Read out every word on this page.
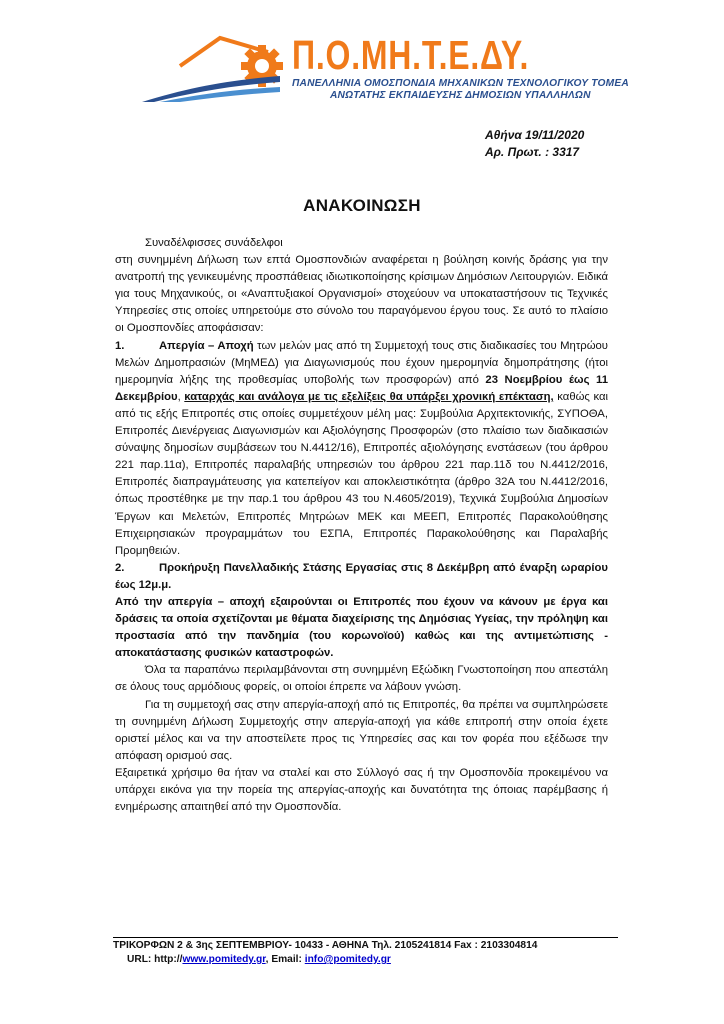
Π.Ο.ΜΗ.Τ.Ε.ΔΥ.
ΠΑΝΕΛΛΗΝΙΑ ΟΜΟΣΠΟΝΔΙΑ ΜΗΧΑΝΙΚΩΝ ΤΕΧΝΟΛΟΓΙΚΟΥ ΤΟΜΕΑ
ΑΝΩΤΑΤΗΣ ΕΚΠΑΙΔΕΥΣΗΣ ΔΗΜΟΣΙΩΝ ΥΠΑΛΛΗΛΩΝ
Αθήνα 19/11/2020
Αρ. Πρωτ. : 3317
ΑΝΑΚΟΙΝΩΣΗ

Συναδέλφισσες συνάδελφοι

στη συνημμένη Δήλωση των επτά Ομοσπονδιών αναφέρεται η βούληση κοινής δράσης για την ανατροπή της γενικευμένης προσπάθειας ιδιωτικοποίησης κρίσιμων Δημόσιων Λειτουργιών. Ειδικά για τους Μηχανικούς, οι «Αναπτυξιακοί Οργανισμοί» στοχεύουν να υποκαταστήσουν τις Τεχνικές Υπηρεσίες στις οποίες υπηρετούμε στο σύνολο του παραγόμενου έργου τους. Σε αυτό το πλαίσιο οι Ομοσπονδίες αποφάσισαν:

1.	Απεργία – Αποχή των μελών μας από τη Συμμετοχή τους στις διαδικασίες του Μητρώου Μελών Δημοπρασιών (ΜηΜΕΔ) για Διαγωνισμούς που έχουν ημερομηνία δημοπράτησης (ήτοι ημερομηνία λήξης της προθεσμίας υποβολής των προσφορών) από 23 Νοεμβρίου έως 11 Δεκεμβρίου, καταρχάς και ανάλογα με τις εξελίξεις θα υπάρξει χρονική επέκταση, καθώς και από τις εξής Επιτροπές στις οποίες συμμετέχουν μέλη μας: Συμβούλια Αρχιτεκτονικής, ΣΥΠΟΘΑ, Επιτροπές Διενέργειας Διαγωνισμών και Αξιολόγησης Προσφορών (στο πλαίσιο των διαδικασιών σύναψης δημοσίων συμβάσεων του Ν.4412/16), Επιτροπές αξιολόγησης ενστάσεων (του άρθρου 221 παρ.11α), Επιτροπές παραλαβής υπηρεσιών του άρθρου 221 παρ.11δ του Ν.4412/2016, Επιτροπές διαπραγμάτευσης για κατεπείγον και αποκλειστικότητα (άρθρο 32Α του Ν.4412/2016, όπως προστέθηκε με την παρ.1 του άρθρου 43 του Ν.4605/2019), Τεχνικά Συμβούλια Δημοσίων Έργων και Μελετών, Επιτροπές Μητρώων ΜΕΚ και ΜΕΕΠ, Επιτροπές Παρακολούθησης Επιχειρησιακών προγραμμάτων του ΕΣΠΑ, Επιτροπές Παρακολούθησης και Παραλαβής Προμηθειών.

2.	Προκήρυξη Πανελλαδικής Στάσης Εργασίας στις 8 Δεκέμβρη από έναρξη ωραρίου έως 12μ.μ.

Από την απεργία – αποχή εξαιρούνται οι Επιτροπές που έχουν να κάνουν με έργα και δράσεις τα οποία σχετίζονται με θέματα διαχείρισης της Δημόσιας Υγείας, την πρόληψη και προστασία από την πανδημία (του κορωνοϊού) καθώς και της αντιμετώπισης - αποκατάστασης φυσικών καταστροφών.

Όλα τα παραπάνω περιλαμβάνονται στη συνημμένη Εξώδικη Γνωστοποίηση που απεστάλη σε όλους τους αρμόδιους φορείς, οι οποίοι έπρεπε να λάβουν γνώση.

Για τη συμμετοχή σας στην απεργία-αποχή από τις Επιτροπές, θα πρέπει να συμπληρώσετε τη συνημμένη Δήλωση Συμμετοχής στην απεργία-αποχή για κάθε επιτροπή στην οποία έχετε οριστεί μέλος και να την αποστείλετε προς τις Υπηρεσίες σας και τον φορέα που εξέδωσε την απόφαση ορισμού σας.

Εξαιρετικά χρήσιμο θα ήταν να σταλεί και στο Σύλλογό σας ή την Ομοσπονδία προκειμένου να υπάρχει εικόνα για την πορεία της απεργίας-αποχής και δυνατότητα της όποιας παρέμβασης ή ενημέρωσης απαιτηθεί από την Ομοσπονδία.

ΤΡΙΚΟΡΦΩΝ 2 & 3ης ΣΕΠΤΕΜΒΡΙΟΥ- 10433 - ΑΘΗΝΑ Τηλ. 2105241814 Fax : 2103304814
URL: http://www.pomitedy.gr, Email: info@pomitedy.gr
